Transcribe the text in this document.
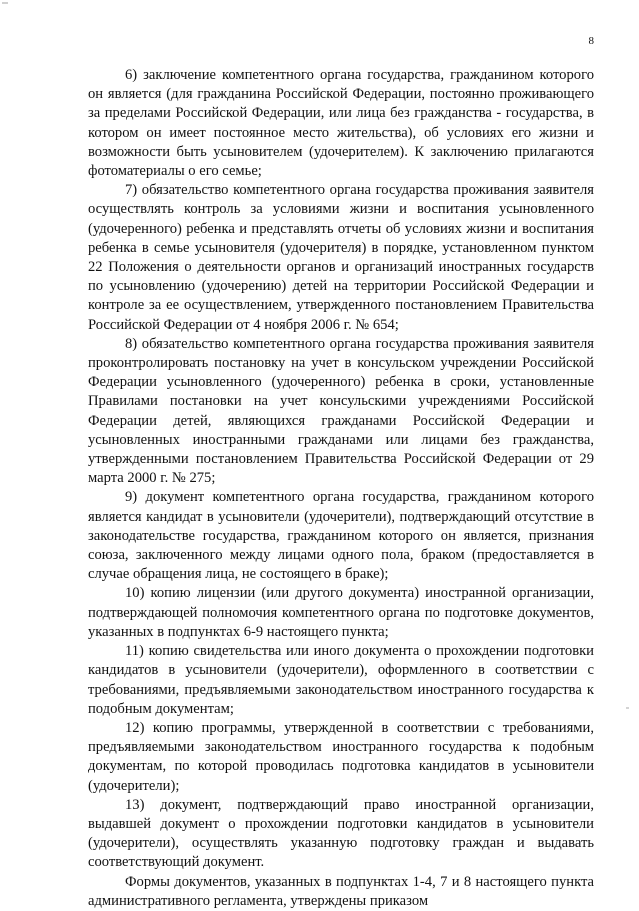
8

6) заключение компетентного органа государства, гражданином которого он является (для гражданина Российской Федерации, постоянно проживающего за пределами Российской Федерации, или лица без гражданства - государства, в котором он имеет постоянное место жительства), об условиях его жизни и возможности быть усыновителем (удочерителем). К заключению прилагаются фотоматериалы о его семье;

7) обязательство компетентного органа государства проживания заявителя осуществлять контроль за условиями жизни и воспитания усыновленного (удочеренного) ребенка и представлять отчеты об условиях жизни и воспитания ребенка в семье усыновителя (удочерителя) в порядке, установленном пунктом 22 Положения о деятельности органов и организаций иностранных государств по усыновлению (удочерению) детей на территории Российской Федерации и контроле за ее осуществлением, утвержденного постановлением Правительства Российской Федерации от 4 ноября 2006 г. № 654;

8) обязательство компетентного органа государства проживания заявителя проконтролировать постановку на учет в консульском учреждении Российской Федерации усыновленного (удочеренного) ребенка в сроки, установленные Правилами постановки на учет консульскими учреждениями Российской Федерации детей, являющихся гражданами Российской Федерации и усыновленных иностранными гражданами или лицами без гражданства, утвержденными постановлением Правительства Российской Федерации от 29 марта 2000 г. № 275;

9) документ компетентного органа государства, гражданином которого является кандидат в усыновители (удочерители), подтверждающий отсутствие в законодательстве государства, гражданином которого он является, признания союза, заключенного между лицами одного пола, браком (предоставляется в случае обращения лица, не состоящего в браке);

10) копию лицензии (или другого документа) иностранной организации, подтверждающей полномочия компетентного органа по подготовке документов, указанных в подпунктах 6-9 настоящего пункта;

11) копию свидетельства или иного документа о прохождении подготовки кандидатов в усыновители (удочерители), оформленного в соответствии с требованиями, предъявляемыми законодательством иностранного государства к подобным документам;

12) копию программы, утвержденной в соответствии с требованиями, предъявляемыми законодательством иностранного государства к подобным документам, по которой проводилась подготовка кандидатов в усыновители (удочерители);

13) документ, подтверждающий право иностранной организации, выдавшей документ о прохождении подготовки кандидатов в усыновители (удочерители), осуществлять указанную подготовку граждан и выдавать соответствующий документ.

Формы документов, указанных в подпунктах 1-4, 7 и 8 настоящего пункта административного регламента, утверждены приказом
